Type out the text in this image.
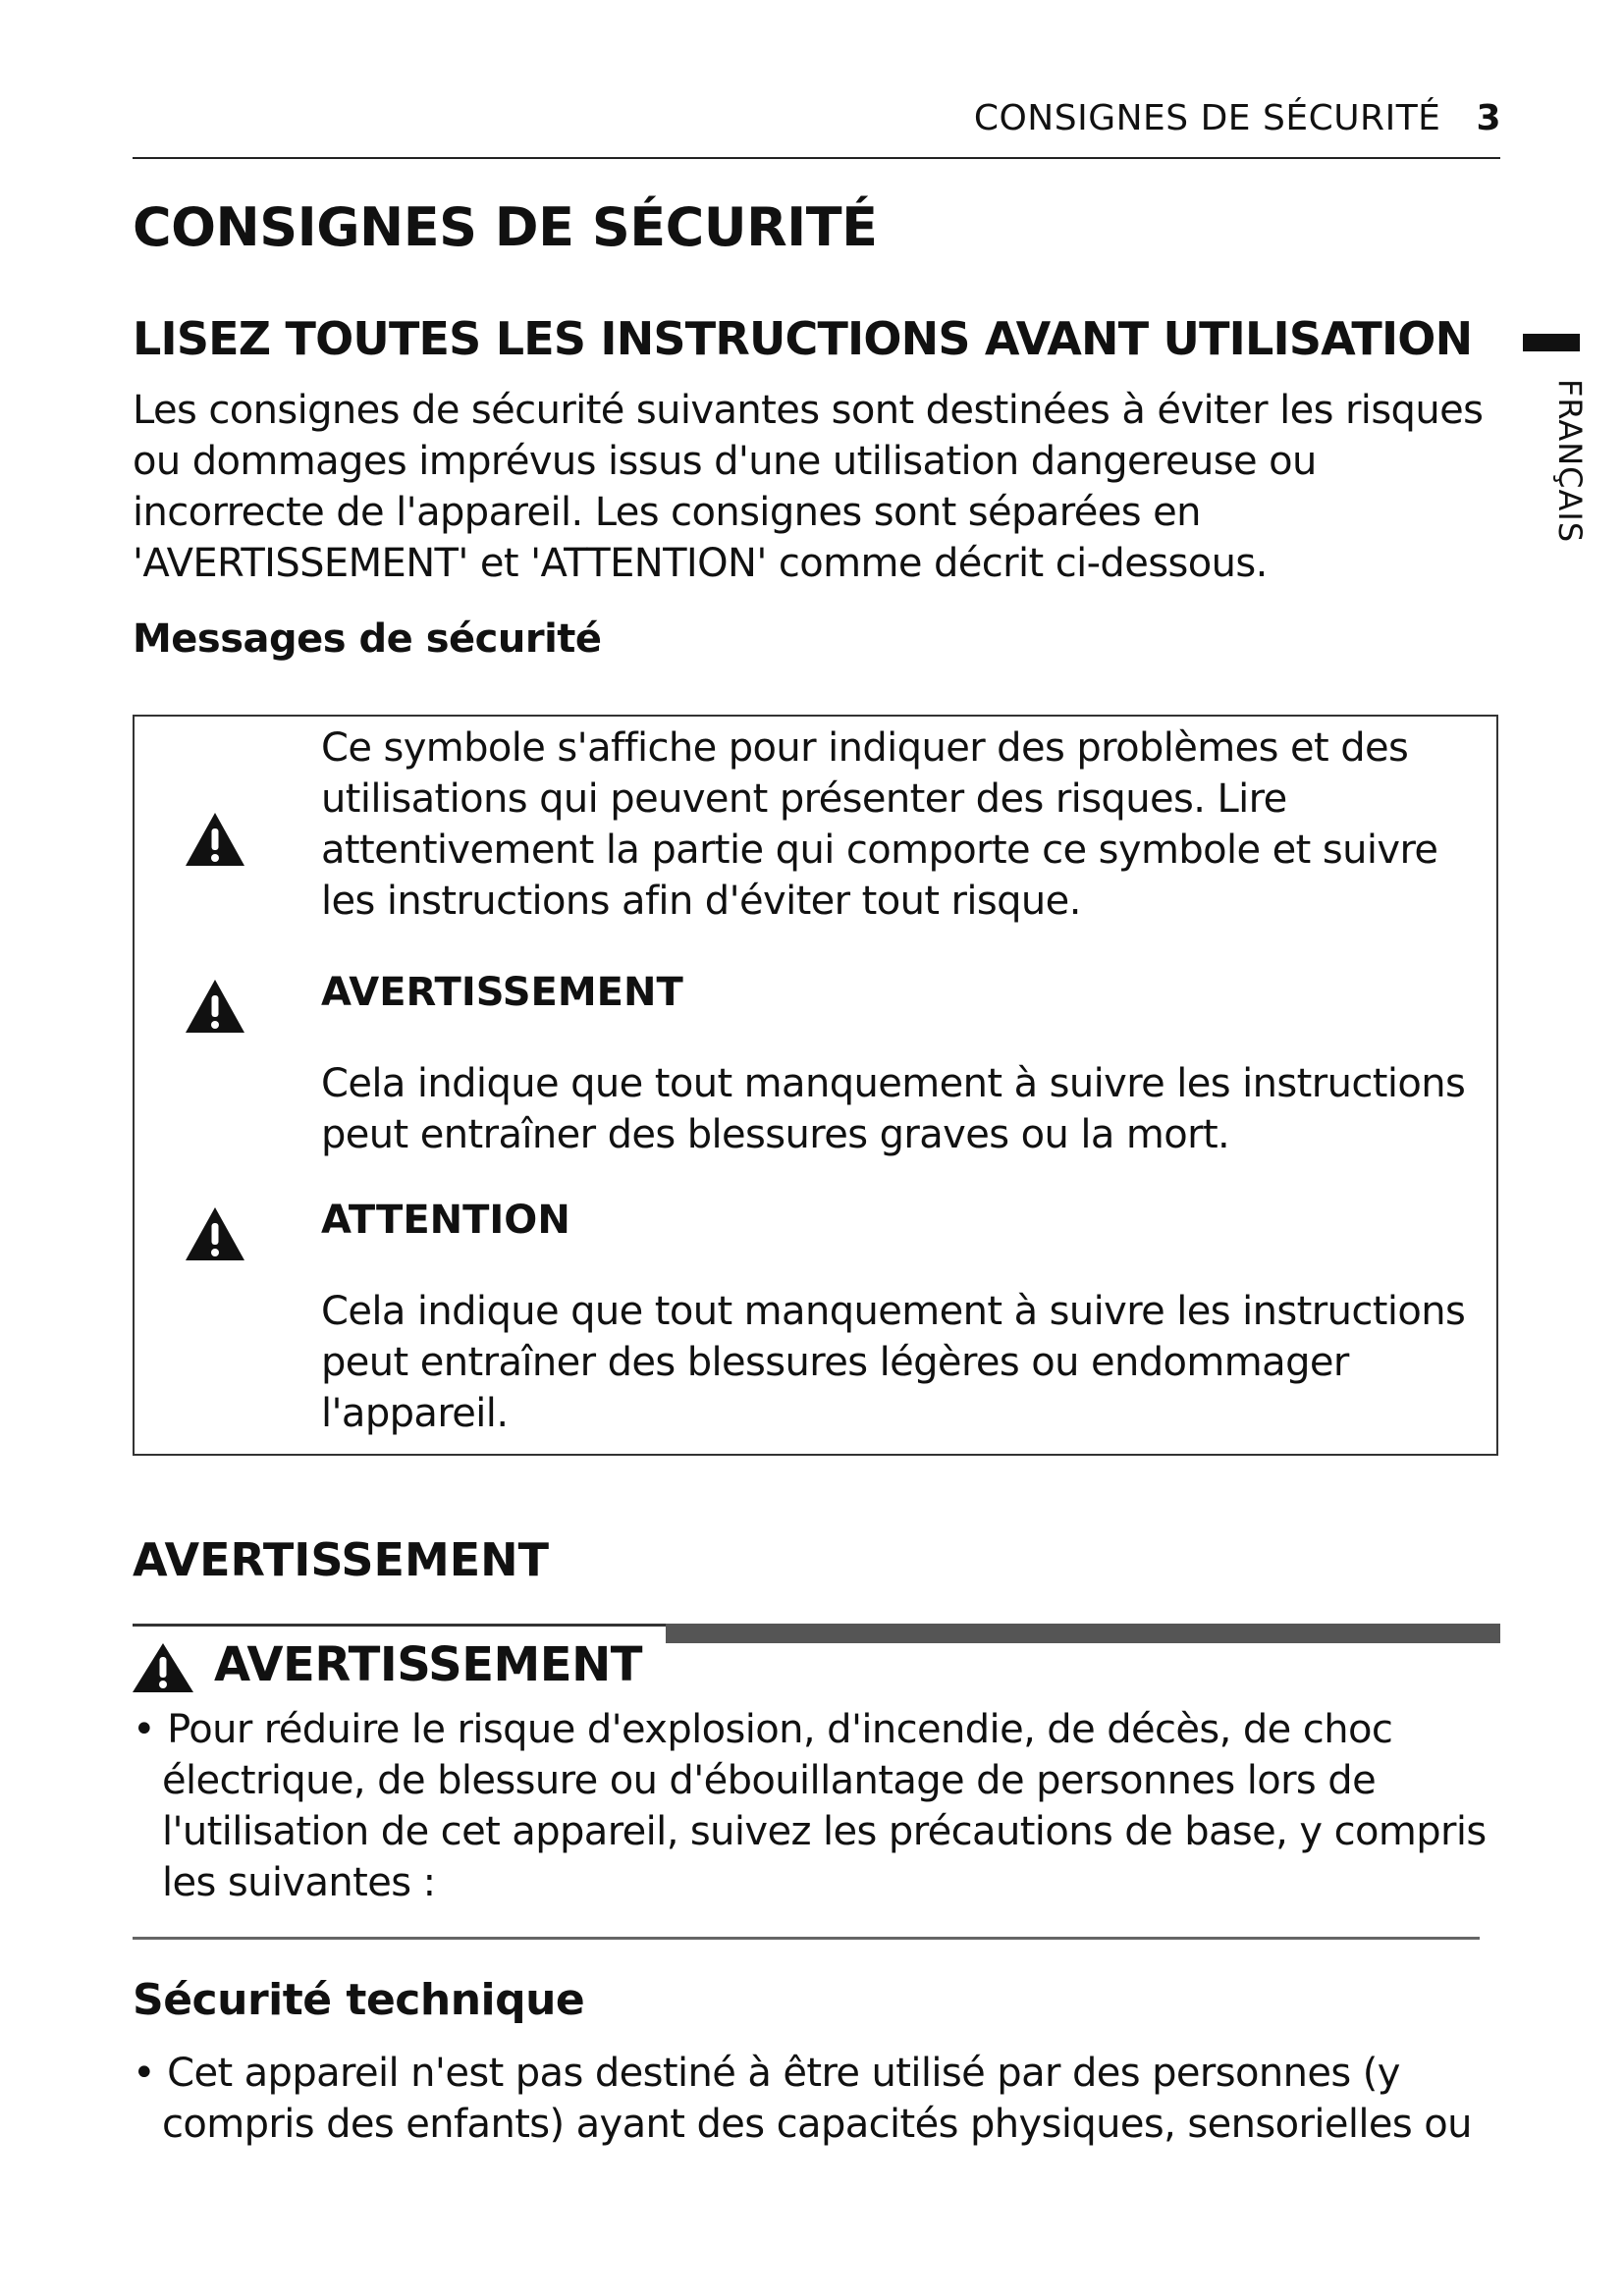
CONSIGNES DE SÉCURITÉ 3
FRANÇAIS
CONSIGNES DE SÉCURITÉ
LISEZ TOUTES LES INSTRUCTIONS AVANT UTILISATION

Les consignes de sécurité suivantes sont destinées à éviter les risques

ou dommages imprévus issus d'une utilisation dangereuse ou

incorrecte de l'appareil. Les consignes sont séparées en

'AVERTISSEMENT' et 'ATTENTION' comme décrit ci-dessous.

Messages de sécurité

Ce symbole s'affiche pour indiquer des problèmes et des

utilisations qui peuvent présenter des risques. Lire

attentivement la partie qui comporte ce symbole et suivre

les instructions afin d'éviter tout risque.

AVERTISSEMENT

Cela indique que tout manquement à suivre les instructions

peut entraîner des blessures graves ou la mort.

ATTENTION

Cela indique que tout manquement à suivre les instructions

peut entraîner des blessures légères ou endommager

l'appareil.

AVERTISSEMENT
AVERTISSEMENT

• Pour réduire le risque d'explosion, d'incendie, de décès, de choc

électrique, de blessure ou d'ébouillantage de personnes lors de

l'utilisation de cet appareil, suivez les précautions de base, y compris

les suivantes :

Sécurité technique

• Cet appareil n'est pas destiné à être utilisé par des personnes (y

compris des enfants) ayant des capacités physiques, sensorielles ou
